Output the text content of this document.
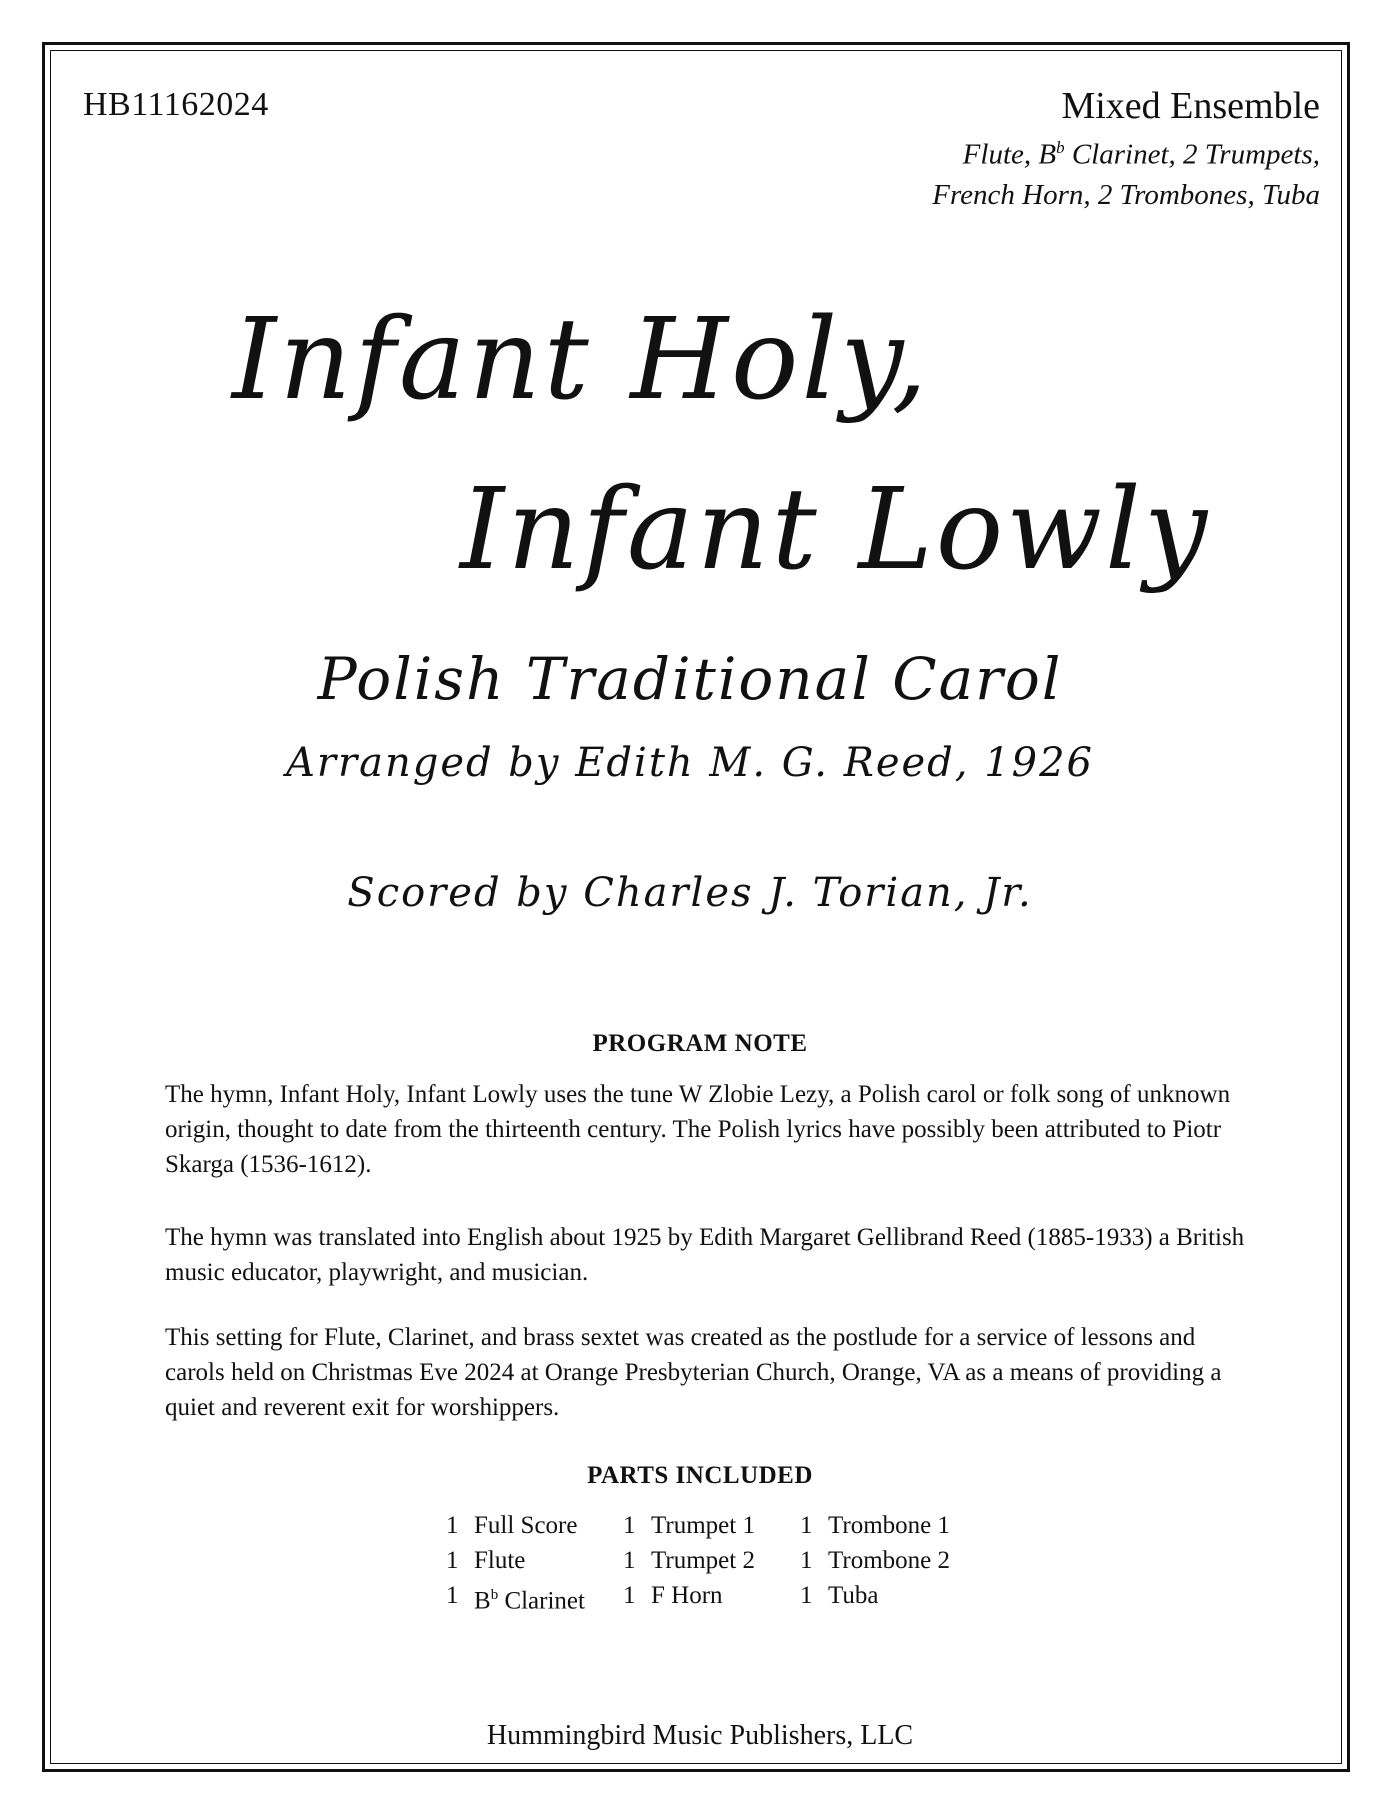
HB11162024	Mixed Ensemble
Flute, $B^b$ Clarinet, 2 Trumpets,
French Horn, 2 Trombones, Tuba
Infant Holy,
Infant Lowly
Polish Traditional Carol
Arranged by Edith M. G. Reed, 1926
Scored by Charles J. Torian, Jr.
PROGRAM NOTE

The hymn, Infant Holy, Infant Lowly uses the tune W Zlobie Lezy, a Polish carol or folk song of unknown origin, thought to date from the thirteenth century. The Polish lyrics have possibly been attributed to Piotr Skarga (1536-1612).

The hymn was translated into English about 1925 by Edith Margaret Gellibrand Reed (1885-1933) a British music educator, playwright, and musician.

This setting for Flute, Clarinet, and brass sextet was created as the postlude for a service of lessons and carols held on Christmas Eve 2024 at Orange Presbyterian Church, Orange, VA as a means of providing a quiet and reverent exit for worshippers.

PARTS INCLUDED
1 Full Score
1 Flute
1 $B^b$ Clarinet
1 Trumpet 1
1 Trumpet 2
1 F Horn
1 Trombone 1
1 Trombone 2
1 Tuba
Hummingbird Music Publishers, LLC
